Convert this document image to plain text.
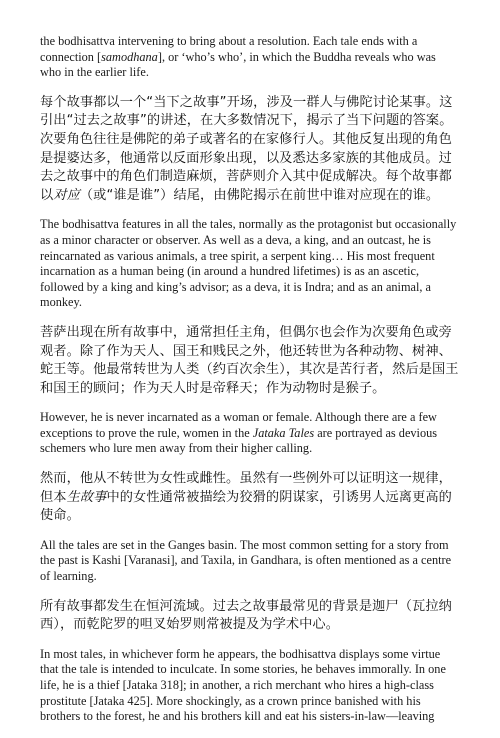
the bodhisattva intervening to bring about a resolution. Each tale ends with a connection [samodhana], or ‘who’s who’, in which the Buddha reveals who was who in the earlier life.

每个故事都以一个“当下之故事”开场，涉及一群人与佛陀讨论某事。这引出“过去之故事”的讲述，在大多数情况下，揭示了当下问题的答案。次要角色往往是佛陀的弟子或著名的在家修行人。其他反复出现的角色是提婆达多，他通常以反面形象出现，以及悉达多家族的其他成员。过去之故事中的角色们制造麻烦，菩萨则介入其中促成解决。每个故事都以对应（或“谁是谁”）结尾，由佛陀揭示在前世中谁对应现在的谁。

The bodhisattva features in all the tales, normally as the protagonist but occasionally as a minor character or observer. As well as a deva, a king, and an outcast, he is reincarnated as various animals, a tree spirit, a serpent king… His most frequent incarnation as a human being (in around a hundred lifetimes) is as an ascetic, followed by a king and king’s advisor; as a deva, it is Indra; and as an animal, a monkey.

菩萨出现在所有故事中，通常担任主角，但偶尔也会作为次要角色或旁观者。除了作为天人、国王和贱民之外，他还转世为各种动物、树神、蛇王等。他最常转世为人类（约百次余生），其次是苦行者，然后是国王和国王的顾问；作为天人时是帝释天；作为动物时是猴子。

However, he is never incarnated as a woman or female. Although there are a few exceptions to prove the rule, women in the Jataka Tales are portrayed as devious schemers who lure men away from their higher calling.

然而，他从不转世为女性或雌性。虽然有一些例外可以证明这一规律，但本生故事中的女性通常被描绘为狡猾的阴谋家，引诱男人远离更高的使命。

All the tales are set in the Ganges basin. The most common setting for a story from the past is Kashi [Varanasi], and Taxila, in Gandhara, is often mentioned as a centre of learning.

所有故事都发生在恒河流域。过去之故事最常见的背景是迦尸（瓦拉纳西），而乾陀罗的呾叉始罗则常被提及为学术中心。

In most tales, in whichever form he appears, the bodhisattva displays some virtue that the tale is intended to inculcate. In some stories, he behaves immorally. In one life, he is a thief [Jataka 318]; in another, a rich merchant who hires a high-class prostitute [Jataka 425]. More shockingly, as a crown prince banished with his brothers to the forest, he and his brothers kill and eat his sisters-in-law—leaving
